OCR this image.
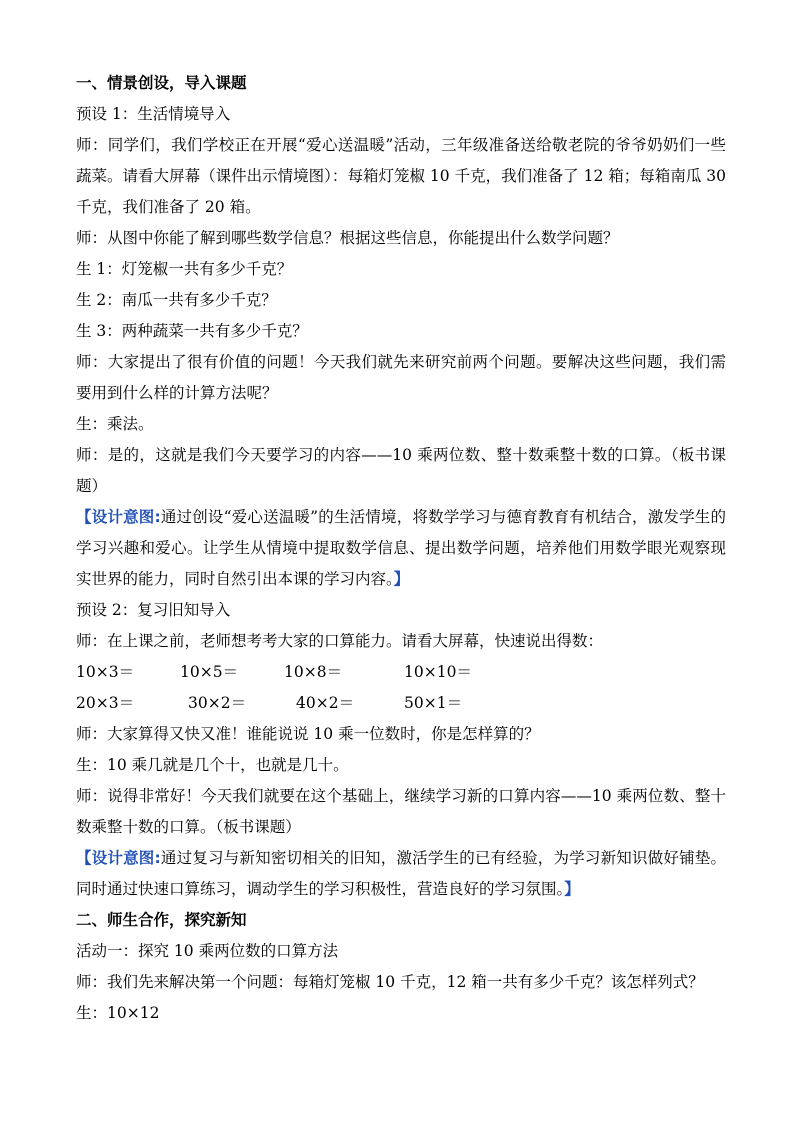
一、情景创设，导入课题
预设 1：生活情境导入
师：同学们，我们学校正在开展“爱心送温暖”活动，三年级准备送给敬老院的爷爷奶奶们一些蔬菜。请看大屏幕（课件出示情境图）：每箱灯笼椒 10 千克，我们准备了 12 箱；每箱南瓜 30 千克，我们准备了 20 箱。
师：从图中你能了解到哪些数学信息？根据这些信息，你能提出什么数学问题？
生 1：灯笼椒一共有多少千克？
生 2：南瓜一共有多少千克？
生 3：两种蔬菜一共有多少千克？
师：大家提出了很有价值的问题！今天我们就先来研究前两个问题。要解决这些问题，我们需要用到什么样的计算方法呢？
生：乘法。
师：是的，这就是我们今天要学习的内容——10 乘两位数、整十数乘整十数的口算。（板书课题）
【设计意图:通过创设“爱心送温暖”的生活情境，将数学学习与德育教育有机结合，激发学生的学习兴趣和爱心。让学生从情境中提取数学信息、提出数学问题，培养他们用数学眼光观察现实世界的能力，同时自然引出本课的学习内容。】
预设 2：复习旧知导入
师：在上课之前，老师想考考大家的口算能力。请看大屏幕，快速说出得数：
10×3＝	10×5＝	10×8＝	10×10＝
20×3＝	30×2＝	40×2＝	50×1＝
师：大家算得又快又准！谁能说说 10 乘一位数时，你是怎样算的？
生：10 乘几就是几个十，也就是几十。
师：说得非常好！今天我们就要在这个基础上，继续学习新的口算内容——10 乘两位数、整十数乘整十数的口算。（板书课题）
【设计意图:通过复习与新知密切相关的旧知，激活学生的已有经验，为学习新知识做好铺垫。同时通过快速口算练习，调动学生的学习积极性，营造良好的学习氛围。】
二、师生合作，探究新知
活动一：探究 10 乘两位数的口算方法
师：我们先来解决第一个问题：每箱灯笼椒 10 千克，12 箱一共有多少千克？该怎样列式？
生：10×12
